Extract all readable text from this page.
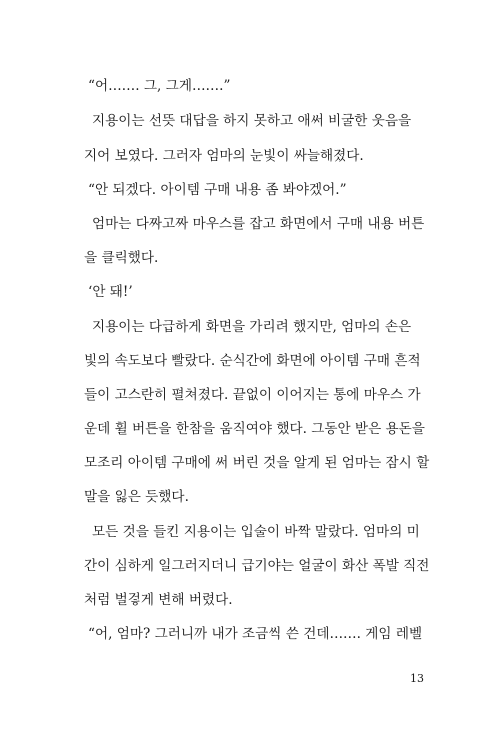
“어……. 그, 그게…….”
지용이는 선뜻 대답을 하지 못하고 애써 비굴한 웃음을
지어 보였다. 그러자 엄마의 눈빛이 싸늘해졌다.
“안 되겠다. 아이템 구매 내용 좀 봐야겠어.”
엄마는 다짜고짜 마우스를 잡고 화면에서 구매 내용 버튼
을 클릭했다.
‘안 돼!’
지용이는 다급하게 화면을 가리려 했지만, 엄마의 손은
빛의 속도보다 빨랐다. 순식간에 화면에 아이템 구매 흔적
들이 고스란히 펼쳐졌다. 끝없이 이어지는 통에 마우스 가
운데 휠 버튼을 한참을 움직여야 했다. 그동안 받은 용돈을
모조리 아이템 구매에 써 버린 것을 알게 된 엄마는 잠시 할
말을 잃은 듯했다.
모든 것을 들킨 지용이는 입술이 바짝 말랐다. 엄마의 미
간이 심하게 일그러지더니 급기야는 얼굴이 화산 폭발 직전
처럼 벌겋게 변해 버렸다.
“어, 엄마? 그러니까 내가 조금씩 쓴 건데……. 게임 레벨
13
